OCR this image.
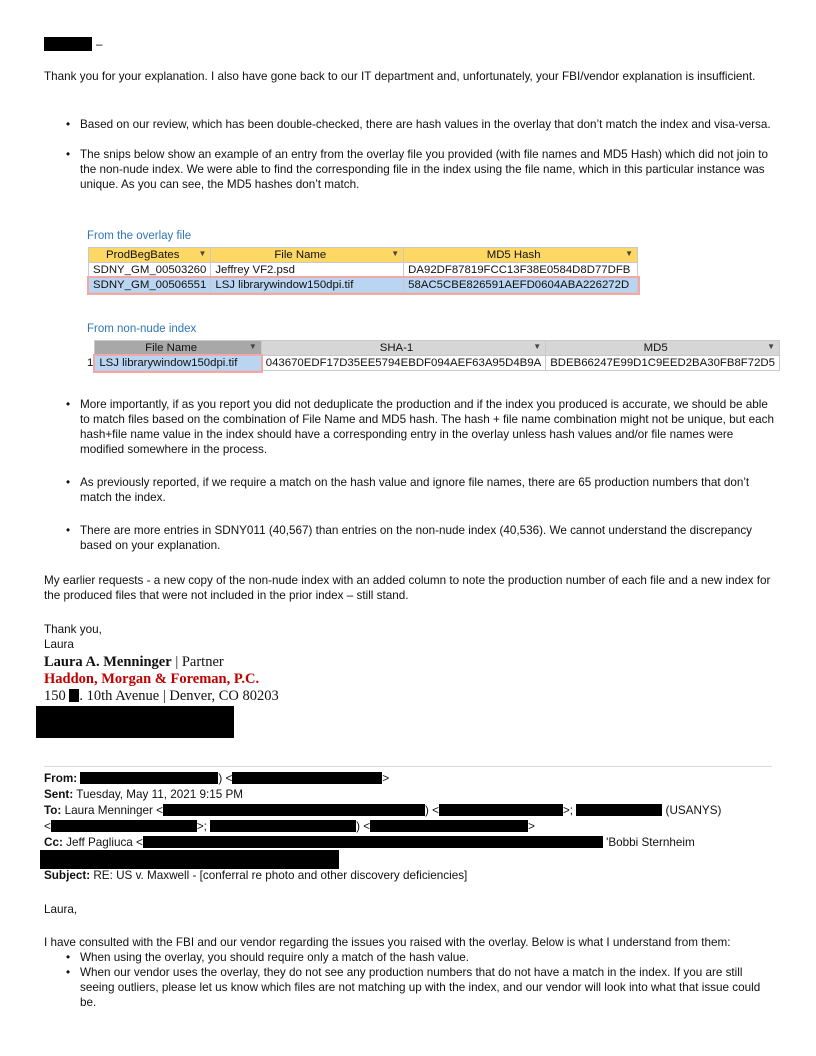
–
Thank you for your explanation. I also have gone back to our IT department and, unfortunately, your FBI/vendor explanation is insufficient.
• Based on our review, which has been double-checked, there are hash values in the overlay that don’t match the index and visa-versa.
• The snips below show an example of an entry from the overlay file you provided (with file names and MD5 Hash) which did not join to the non-nude index. We were able to find the corresponding file in the index using the file name, which in this particular instance was unique. As you can see, the MD5 hashes don’t match.
From the overlay file
ProdBegBates ▼	File Name ▼	MD5 Hash ▼

SDNY_GM_00503260	Jeffrey VF2.psd	DA92DF87819FCC13F38E0584D8D77DFB
SDNY_GM_00506551	LSJ librarywindow150dpi.tif	58AC5CBE826591AEFD0604ABA226272D
From non-nude index
	File Name ▼	SHA-1 ▼	MD5 ▼

1	LSJ librarywindow150dpi.tif	043670EDF17D35EE5794EBDF094AEF63A95D4B9A	BDEB66247E99D1C9EED2BA30FB8F72D5
• More importantly, if as you report you did not deduplicate the production and if the index you produced is accurate, we should be able to match files based on the combination of File Name and MD5 hash. The hash + file name combination might not be unique, but each hash+file name value in the index should have a corresponding entry in the overlay unless hash values and/or file names were modified somewhere in the process.
• As previously reported, if we require a match on the hash value and ignore file names, there are 65 production numbers that don’t match the index.
• There are more entries in SDNY011 (40,567) than entries on the non-nude index (40,536). We cannot understand the discrepancy based on your explanation.
My earlier requests - a new copy of the non-nude index with an added column to note the production number of each file and a new index for the produced files that were not included in the prior index – still stand.
Thank you,
Laura
Laura A. Menninger | Partner
Haddon, Morgan & Foreman, P.C.
150 . 10th Avenue | Denver, CO 80203
From:	) <	>
Sent: Tuesday, May 11, 2021 9:15 PM
To: Laura Menninger <	) <	>;	(USANYS)
<	>;	) <	>
Cc: Jeff Pagliuca <	'Bobbi Sternheim
Subject: RE: US v. Maxwell - [conferral re photo and other discovery deficiencies]
Laura,
I have consulted with the FBI and our vendor regarding the issues you raised with the overlay. Below is what I understand from them:
• When using the overlay, you should require only a match of the hash value.
• When our vendor uses the overlay, they do not see any production numbers that do not have a match in the index. If you are still seeing outliers, please let us know which files are not matching up with the index, and our vendor will look into what that issue could be.
